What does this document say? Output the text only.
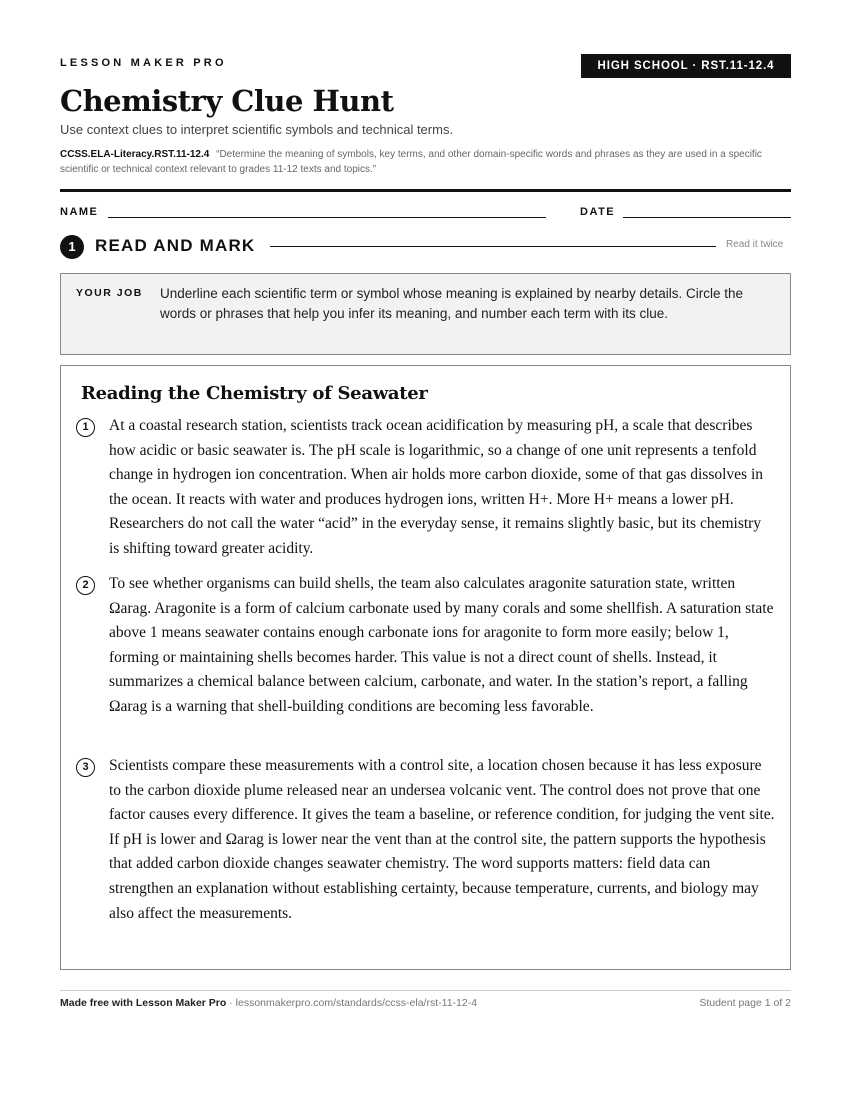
LESSON MAKER PRO	HIGH SCHOOL · RST.11-12.4
Chemistry Clue Hunt
Use context clues to interpret scientific symbols and technical terms.
CCSS.ELA-Literacy.RST.11-12.4 “Determine the meaning of symbols, key terms, and other domain-specific words and phrases as they are used in a specific scientific or technical context relevant to grades 11-12 texts and topics.”
NAME	DATE
1	READ AND MARK	Read it twice
YOUR JOB Underline each scientific term or symbol whose meaning is explained by nearby details. Circle the words or phrases that help you infer its meaning, and number each term with its clue.
Reading the Chemistry of Seawater
1	At a coastal research station, scientists track ocean acidification by measuring pH, a scale that describes how acidic or basic seawater is. The pH scale is logarithmic, so a change of one unit represents a tenfold change in hydrogen ion concentration. When air holds more carbon dioxide, some of that gas dissolves in the ocean. It reacts with water and produces hydrogen ions, written H+. More H+ means a lower pH. Researchers do not call the water “acid” in the everyday sense, it remains slightly basic, but its chemistry is shifting toward greater acidity.

2	To see whether organisms can build shells, the team also calculates aragonite saturation state, written Ωarag. Aragonite is a form of calcium carbonate used by many corals and some shellfish. A saturation state above 1 means seawater contains enough carbonate ions for aragonite to form more easily; below 1, forming or maintaining shells becomes harder. This value is not a direct count of shells. Instead, it summarizes a chemical balance between calcium, carbonate, and water. In the station’s report, a falling Ωarag is a warning that shell-building conditions are becoming less favorable.

3	Scientists compare these measurements with a control site, a location chosen because it has less exposure to the carbon dioxide plume released near an undersea volcanic vent. The control does not prove that one factor causes every difference. It gives the team a baseline, or reference condition, for judging the vent site. If pH is lower and Ωarag is lower near the vent than at the control site, the pattern supports the hypothesis that added carbon dioxide changes seawater chemistry. The word supports matters: field data can strengthen an explanation without establishing certainty, because temperature, currents, and biology may also affect the measurements.

Made free with Lesson Maker Pro · lessonmakerpro.com/standards/ccss-ela/rst-11-12-4	Student page 1 of 2
